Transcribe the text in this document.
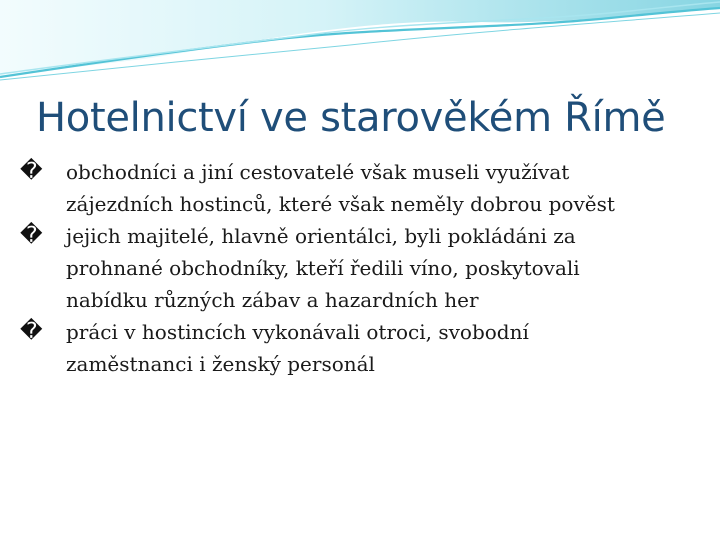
Hotelnictví ve starověkém Římě
�	obchodníci a jiní cestovatelé však museli využívat
zájezdních hostinců, které však neměly dobrou pověst
�	jejich majitelé, hlavně orientálci, byli pokládáni za
prohnané obchodníky, kteří ředili víno, poskytovali
nabídku různých zábav a hazardních her
�	práci v hostincích vykonávali otroci, svobodní
zaměstnanci i ženský personál
